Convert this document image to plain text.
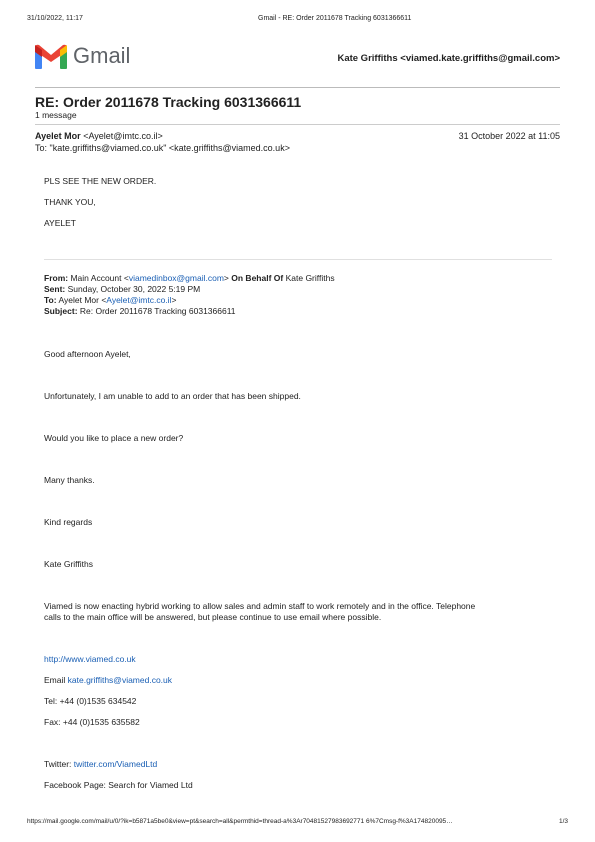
31/10/2022, 11:17	Gmail - RE: Order 2011678 Tracking 6031366611
Gmail	Kate Griffiths <viamed.kate.griffiths@gmail.com>
RE: Order 2011678 Tracking 6031366611
1 message
Ayelet Mor <Ayelet@imtc.co.il>	31 October 2022 at 11:05
To: "kate.griffiths@viamed.co.uk" <kate.griffiths@viamed.co.uk>
PLS SEE THE NEW ORDER.
THANK YOU,
AYELET
From: Main Account <viamedinbox@gmail.com> On Behalf Of Kate Griffiths
Sent: Sunday, October 30, 2022 5:19 PM
To: Ayelet Mor <Ayelet@imtc.co.il>
Subject: Re: Order 2011678 Tracking 6031366611
Good afternoon Ayelet,
Unfortunately, I am unable to add to an order that has been shipped.
Would you like to place a new order?
Many thanks.
Kind regards
Kate Griffiths
Viamed is now enacting hybrid working to allow sales and admin staff to work remotely and in the office. Telephone
calls to the main office will be answered, but please continue to use email where possible.
http://www.viamed.co.uk
Email kate.griffiths@viamed.co.uk
Tel: +44 (0)1535 634542
Fax: +44 (0)1535 635582
Twitter: twitter.com/ViamedLtd
Facebook Page: Search for Viamed Ltd
https://mail.google.com/mail/u/0/?ik=b5871a5be0&view=pt&search=all&permthid=thread-a%3Ar70481527983692771 6%7Cmsg-f%3A174820095…	1/3
